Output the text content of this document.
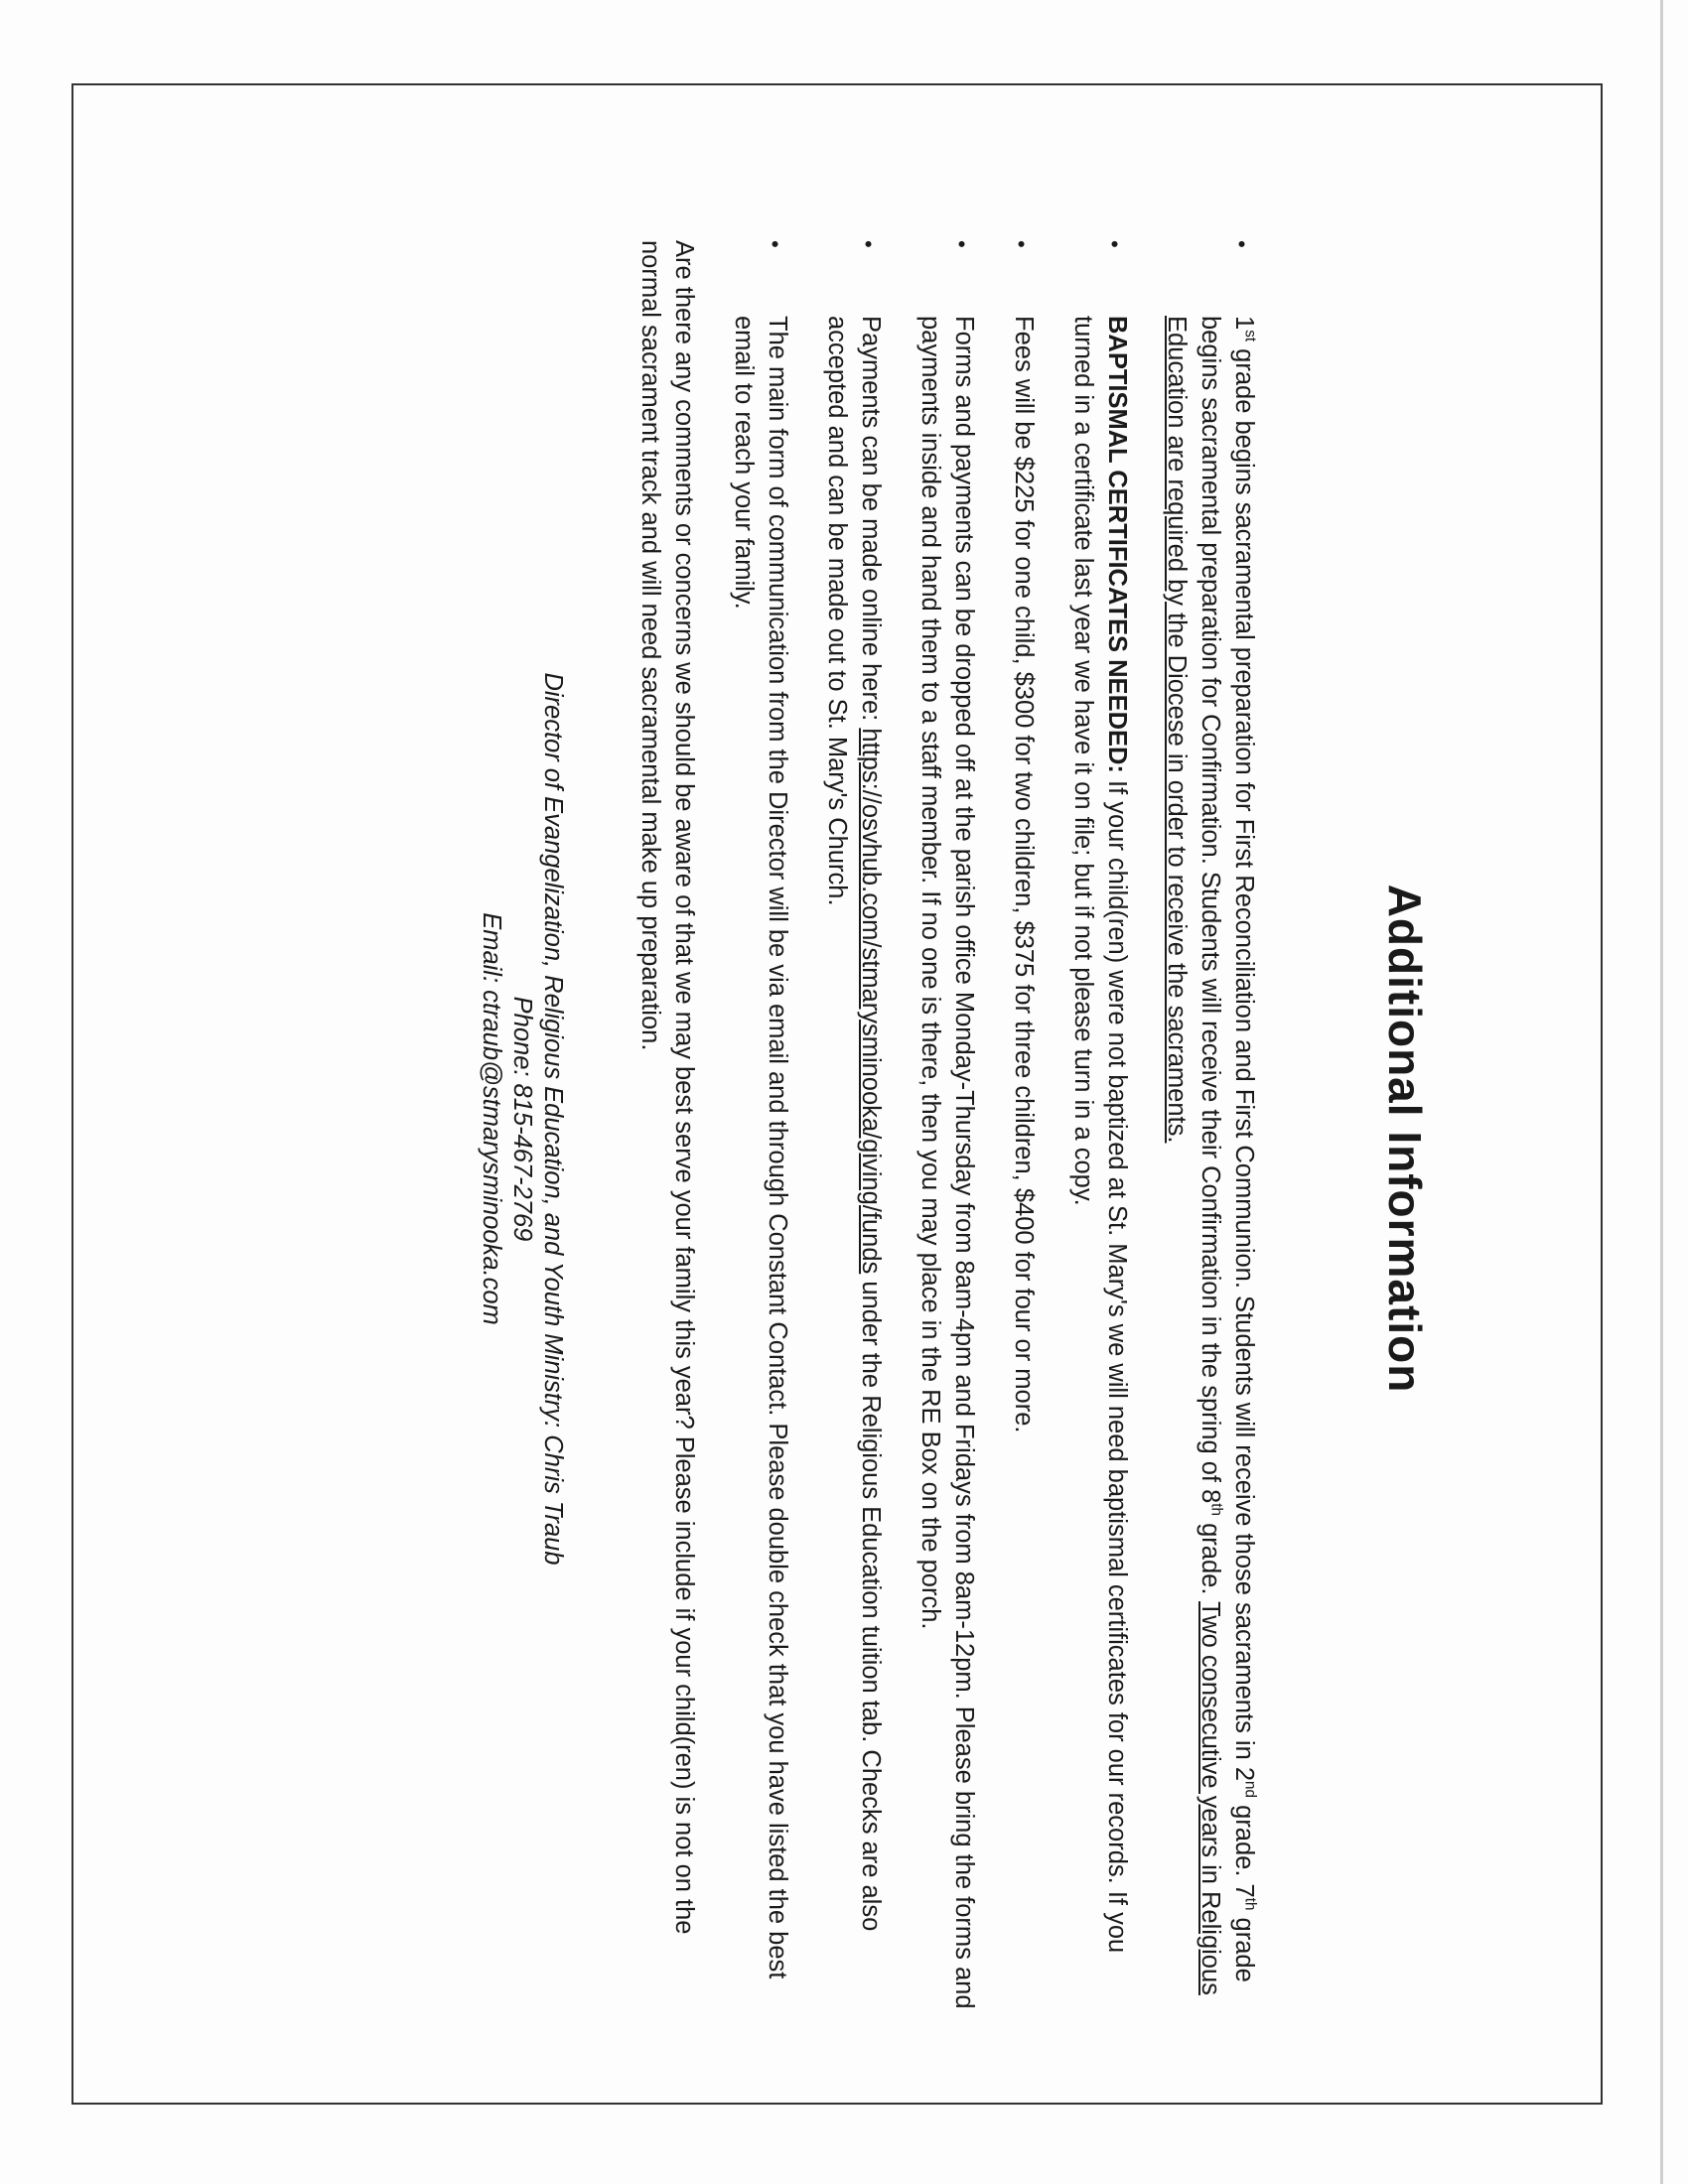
Additional Information
•
1st grade begins sacramental preparation for First Reconciliation and First Communion. Students will receive those sacraments in 2nd grade. 7th grade begins sacramental preparation for Confirmation. Students will receive their Confirmation in the spring of 8th grade. Two consecutive years in Religious Education are required by the Diocese in order to receive the sacraments.
•
BAPTISMAL CERTIFICATES NEEDED: If your child(ren) were not baptized at St. Mary's we will need baptismal certificates for our records. If you turned in a certificate last year we have it on file; but if not please turn in a copy.
•
Fees will be $225 for one child, $300 for two children, $375 for three children, $400 for four or more.
•
Forms and payments can be dropped off at the parish office Monday-Thursday from 8am-4pm and Fridays from 8am-12pm. Please bring the forms and payments inside and hand them to a staff member. If no one is there, then you may place in the RE Box on the porch.
•
Payments can be made online here: https://osvhub.com/stmarysminooka/giving/funds under the Religious Education tuition tab. Checks are also accepted and can be made out to St. Mary's Church.
•
The main form of communication from the Director will be via email and through Constant Contact. Please double check that you have listed the best email to reach your family.
Are there any comments or concerns we should be aware of that we may best serve your family this year? Please include if your child(ren) is not on the normal sacrament track and will need sacramental make up preparation.
Director of Evangelization, Religious Education, and Youth Ministry: Chris Traub
Phone: 815-467-2769
Email: ctraub@stmarysminooka.com
